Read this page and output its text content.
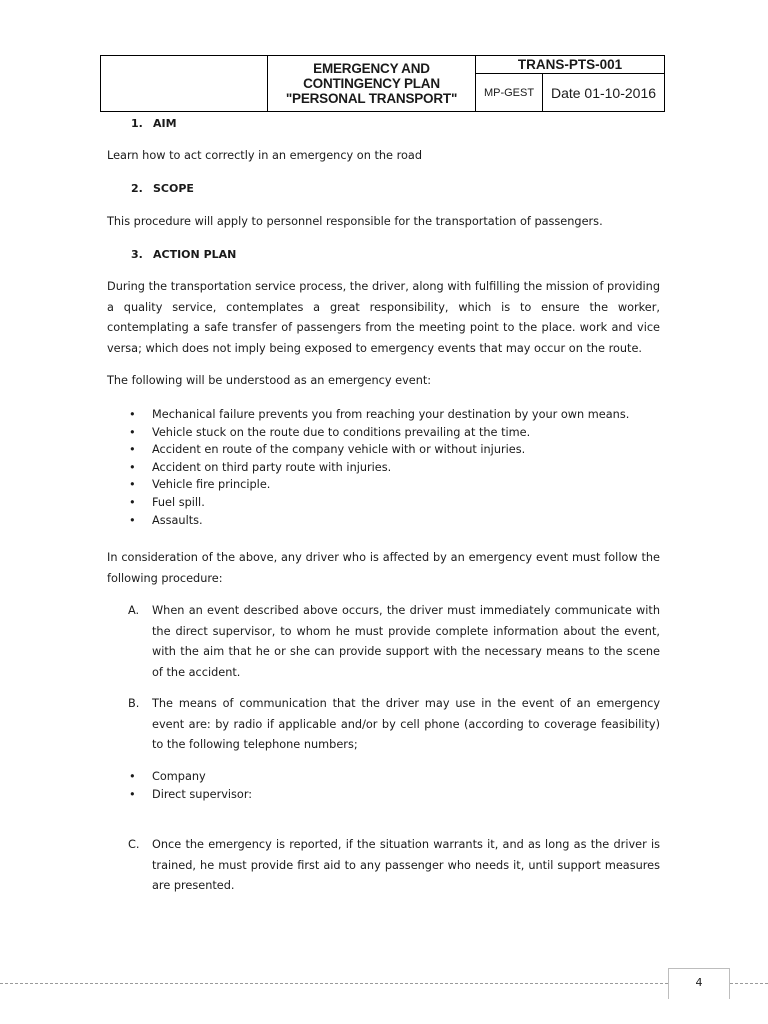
	EMERGENCY AND
CONTINGENCY PLAN
"PERSONAL TRANSPORT"	TRANS-PTS-001	
		MP-GEST	Date 01-10-2016
1. AIM
Learn how to act correctly in an emergency on the road
2. SCOPE
This procedure will apply to personnel responsible for the transportation of passengers.
3. ACTION PLAN
During the transportation service process, the driver, along with fulfilling the mission of providing a quality service, contemplates a great responsibility, which is to ensure the worker, contemplating a safe transfer of passengers from the meeting point to the place. work and vice versa; which does not imply being exposed to emergency events that may occur on the route.
The following will be understood as an emergency event:
• Mechanical failure prevents you from reaching your destination by your own means.
• Vehicle stuck on the route due to conditions prevailing at the time.
• Accident en route of the company vehicle with or without injuries.
• Accident on third party route with injuries.
• Vehicle fire principle.
• Fuel spill.
• Assaults.
In consideration of the above, any driver who is affected by an emergency event must follow the following procedure:
A. When an event described above occurs, the driver must immediately communicate with the direct supervisor, to whom he must provide complete information about the event, with the aim that he or she can provide support with the necessary means to the scene of the accident.
B. The means of communication that the driver may use in the event of an emergency event are: by radio if applicable and/or by cell phone (according to coverage feasibility) to the following telephone numbers;
• Company
• Direct supervisor:
C. Once the emergency is reported, if the situation warrants it, and as long as the driver is trained, he must provide first aid to any passenger who needs it, until support measures are presented.
4
